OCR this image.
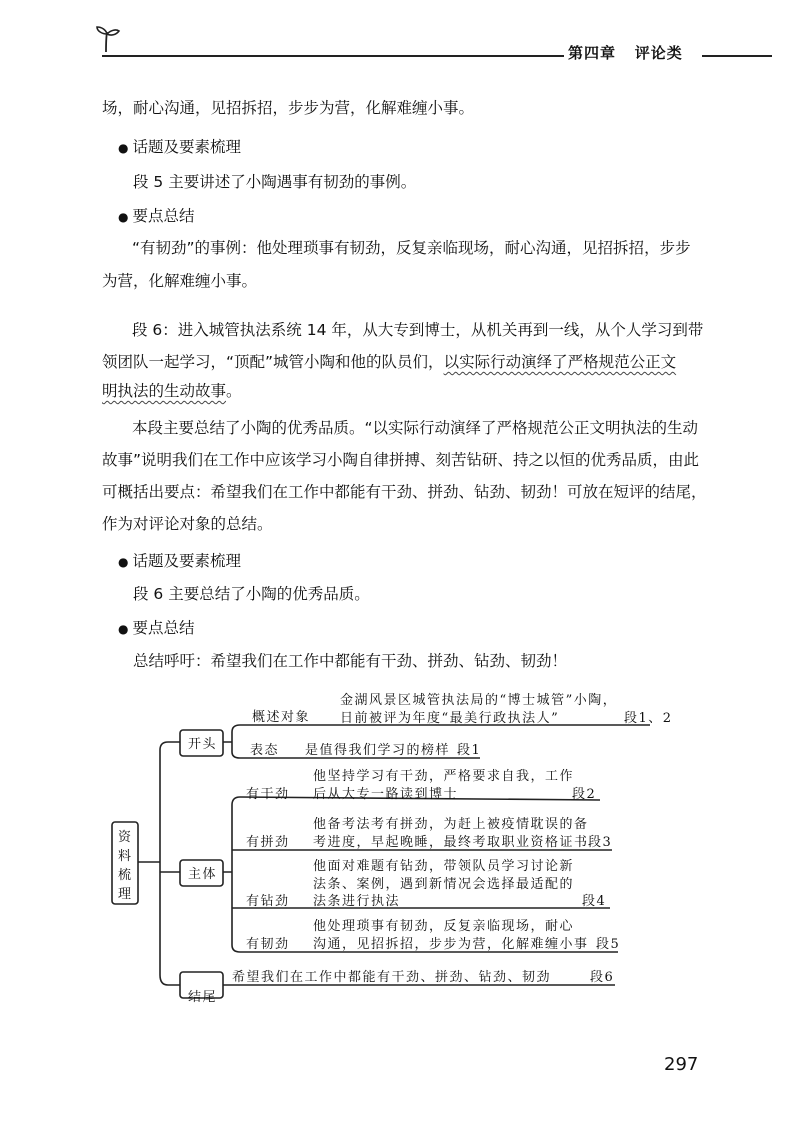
第四章 评论类
场，耐心沟通，见招拆招，步步为营，化解难缠小事。
● 话题及要素梳理
段 5 主要讲述了小陶遇事有韧劲的事例。
● 要点总结
“有韧劲”的事例：他处理琐事有韧劲，反复亲临现场，耐心沟通，见招拆招，步步
为营，化解难缠小事。
段 6：进入城管执法系统 14 年，从大专到博士，从机关再到一线，从个人学习到带
领团队一起学习，“顶配”城管小陶和他的队员们，以实际行动演绎了严格规范公正文
明执法的生动故事。
本段主要总结了小陶的优秀品质。“以实际行动演绎了严格规范公正文明执法的生动
故事”说明我们在工作中应该学习小陶自律拼搏、刻苦钻研、持之以恒的优秀品质，由此
可概括出要点：希望我们在工作中都能有干劲、拼劲、钻劲、韧劲！可放在短评的结尾，
作为对评论对象的总结。
● 话题及要素梳理
段 6 主要总结了小陶的优秀品质。
● 要点总结
总结呼吁：希望我们在工作中都能有干劲、拼劲、钻劲、韧劲！
资
料
梳
理
开头
概述对象
金湖风景区城管执法局的“博士城管”小陶，
日前被评为年度“最美行政执法人”	段1、2
表态 是值得我们学习的榜样 段1
主体
有干劲
他坚持学习有干劲，严格要求自我，工作
后从大专一路读到博士	段2
有拼劲
他备考法考有拼劲，为赶上被疫情耽误的备
考进度，早起晚睡，最终考取职业资格证书 段3
有钻劲
他面对难题有钻劲，带领队员学习讨论新
法条、案例，遇到新情况会选择最适配的
法条进行执法	段4
有韧劲
他处理琐事有韧劲，反复亲临现场，耐心
沟通，见招拆招，步步为营，化解难缠小事 段5
结尾
希望我们在工作中都能有干劲、拼劲、钻劲、韧劲	段6
297
